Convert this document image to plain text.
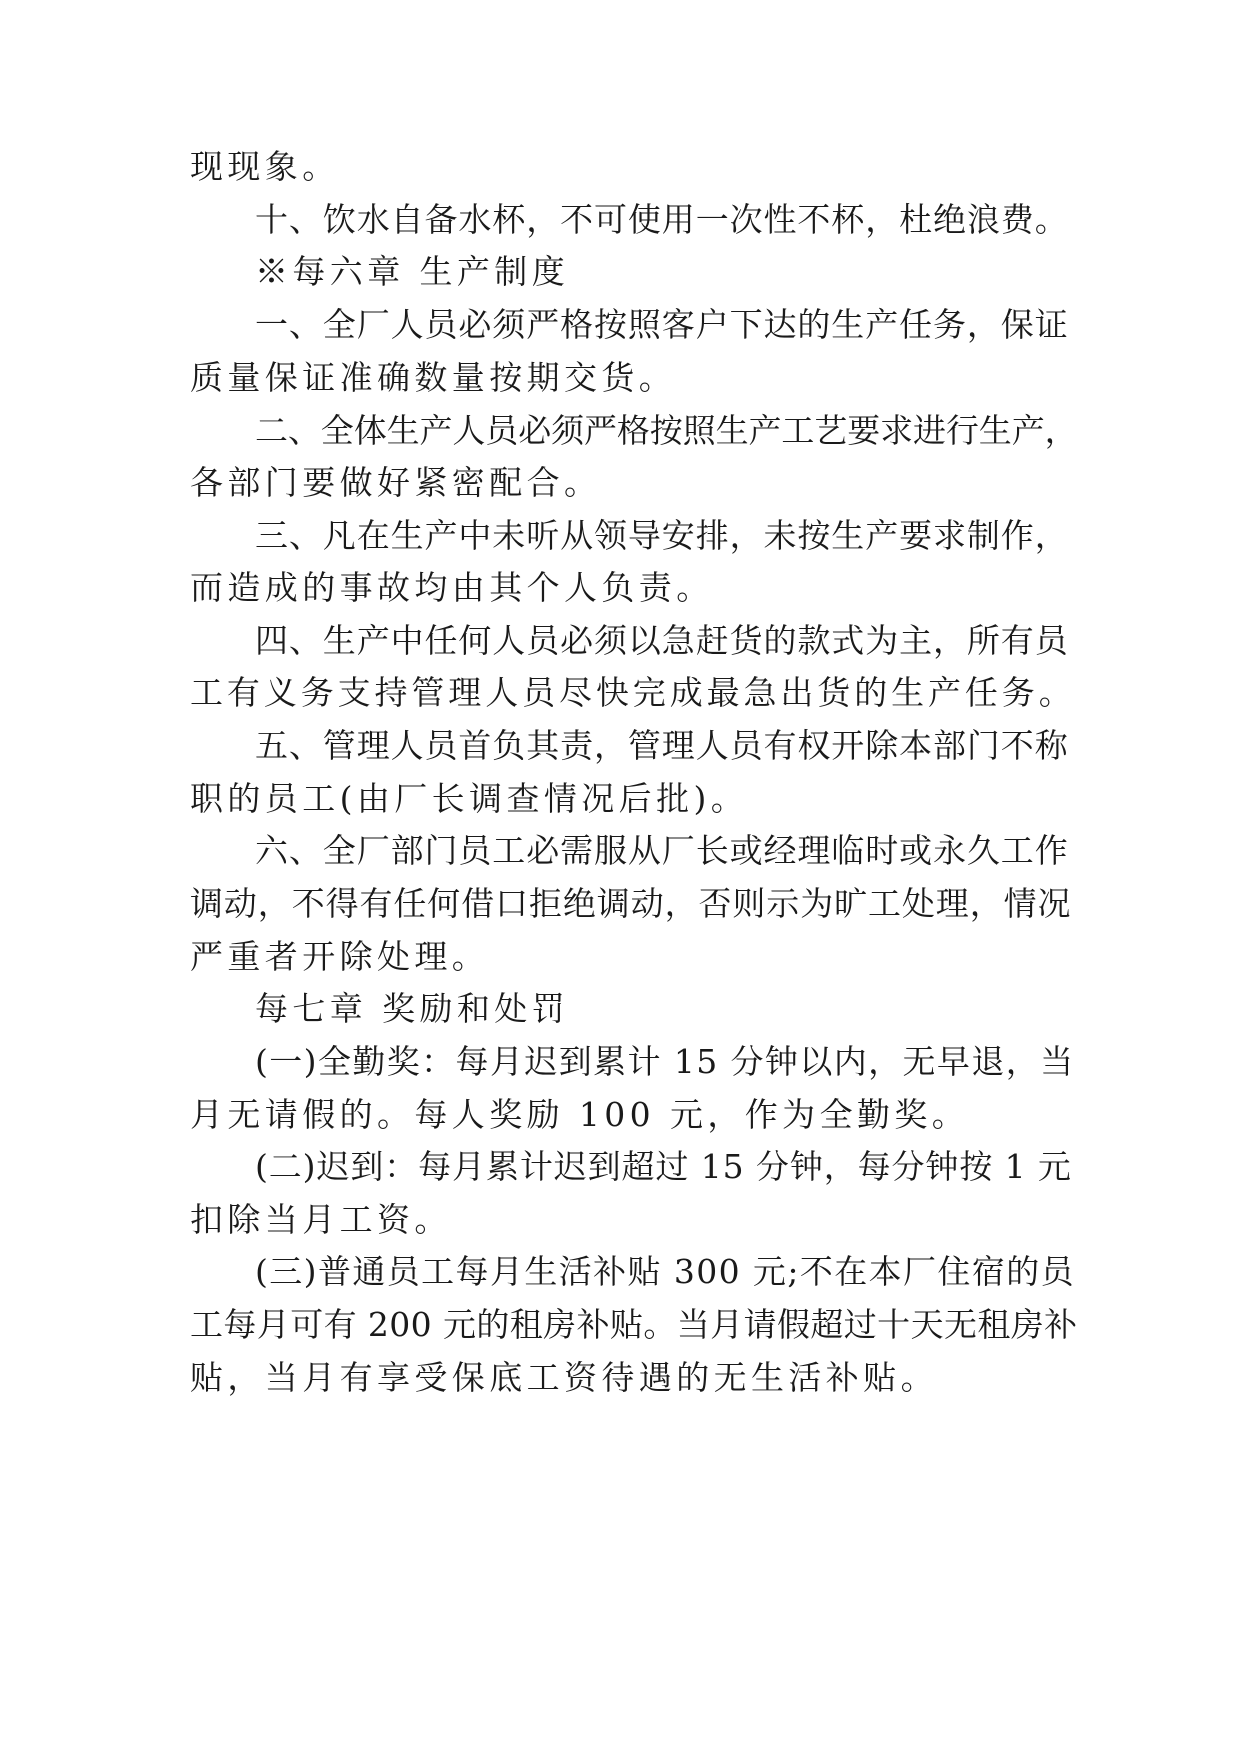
现现象。

十、饮水自备水杯，不可使用一次性不杯，杜绝浪费。

※每六章 生产制度

一、全厂人员必须严格按照客户下达的生产任务，保证

质量保证准确数量按期交货。

二、全体生产人员必须严格按照生产工艺要求进行生产，

各部门要做好紧密配合。

三、凡在生产中未听从领导安排，未按生产要求制作，

而造成的事故均由其个人负责。

四、生产中任何人员必须以急赶货的款式为主，所有员

工有义务支持管理人员尽快完成最急出货的生产任务。

五、管理人员首负其责，管理人员有权开除本部门不称

职的员工(由厂长调查情况后批)。

六、全厂部门员工必需服从厂长或经理临时或永久工作

调动，不得有任何借口拒绝调动，否则示为旷工处理，情况

严重者开除处理。

每七章 奖励和处罚

(一)全勤奖：每月迟到累计 15 分钟以内，无早退，当

月无请假的。每人奖励 100 元，作为全勤奖。

(二)迟到：每月累计迟到超过 15 分钟，每分钟按 1 元

扣除当月工资。

(三)普通员工每月生活补贴 300 元;不在本厂住宿的员

工每月可有 200 元的租房补贴。当月请假超过十天无租房补

贴，当月有享受保底工资待遇的无生活补贴。
